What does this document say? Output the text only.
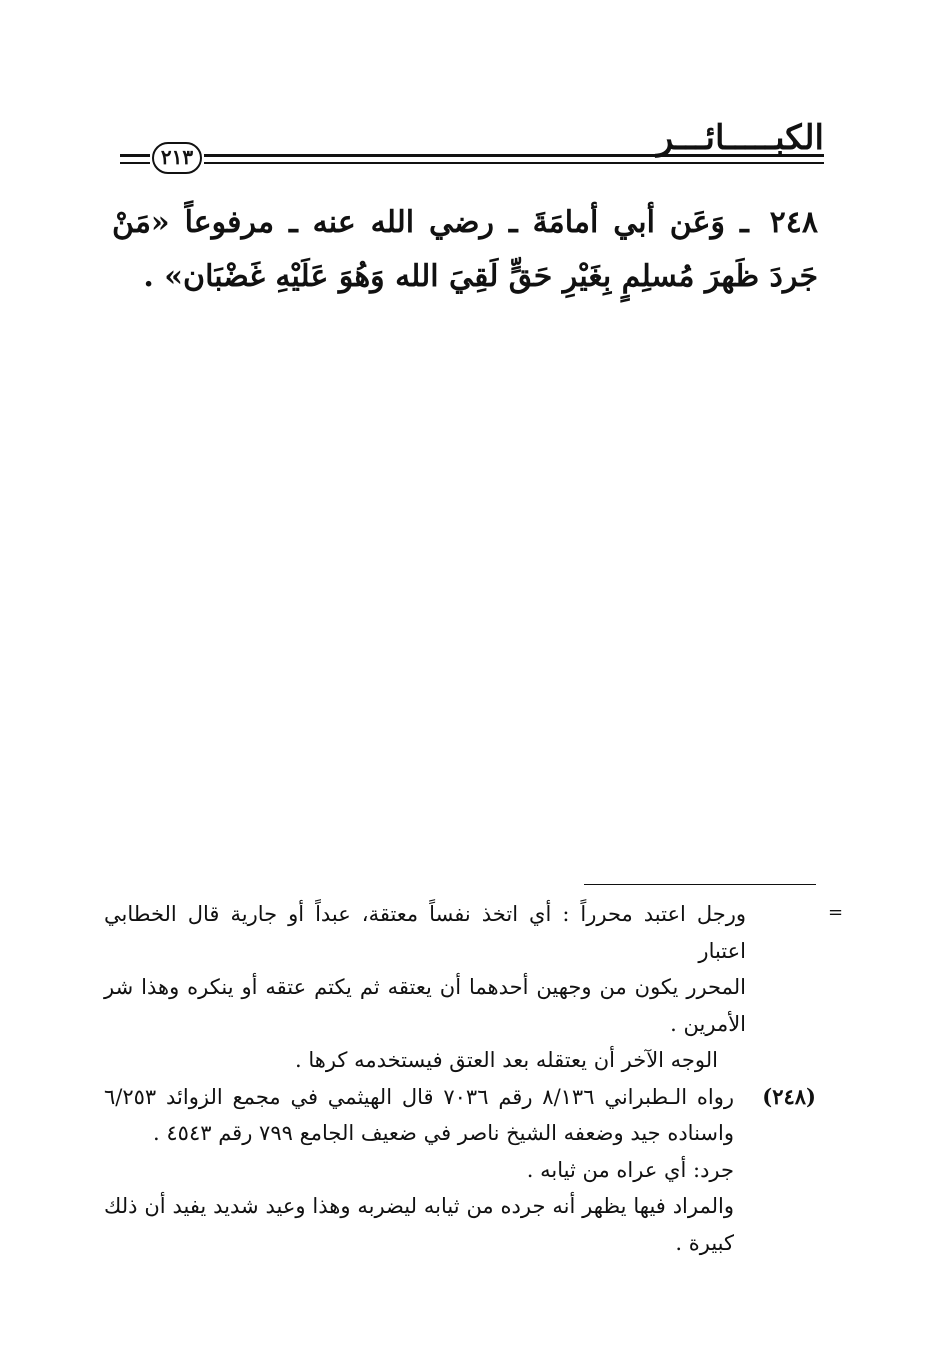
الكبـــــائـــر
٢١٣
٢٤٨ ـ وَعَن أبي أمامَةَ ـ رضي الله عنه ـ مرفوعاً «مَنْ جَردَ ظَهرَ مُسلِمٍ بِغَيْرِ حَقٍّ لَقِيَ الله وَهُوَ عَلَيْهِ غَضْبَان» .
=
ورجل اعتبد محرراً : أي اتخذ نفساً معتقة، عبداً أو جارية قال الخطابي اعتبار
المحرر يكون من وجهين أحدهما أن يعتقه ثم يكتم عتقه أو ينكره وهذا شر
الأمرين .
الوجه الآخر أن يعتقله بعد العتق فيستخدمه كرها .
(٢٤٨)رواه الـطبراني ٨/١٣٦ رقم ٧٠٣٦ قال الهيثمي في مجمع الزوائد ٦/٢٥٣
واسناده جيد وضعفه الشيخ ناصر في ضعيف الجامع ٧٩٩ رقم ٤٥٤٣ .
جرد: أي عراه من ثيابه .
والمراد فيها يظهر أنه جرده من ثيابه ليضربه وهذا وعيد شديد يفيد أن ذلك
كبيرة .
